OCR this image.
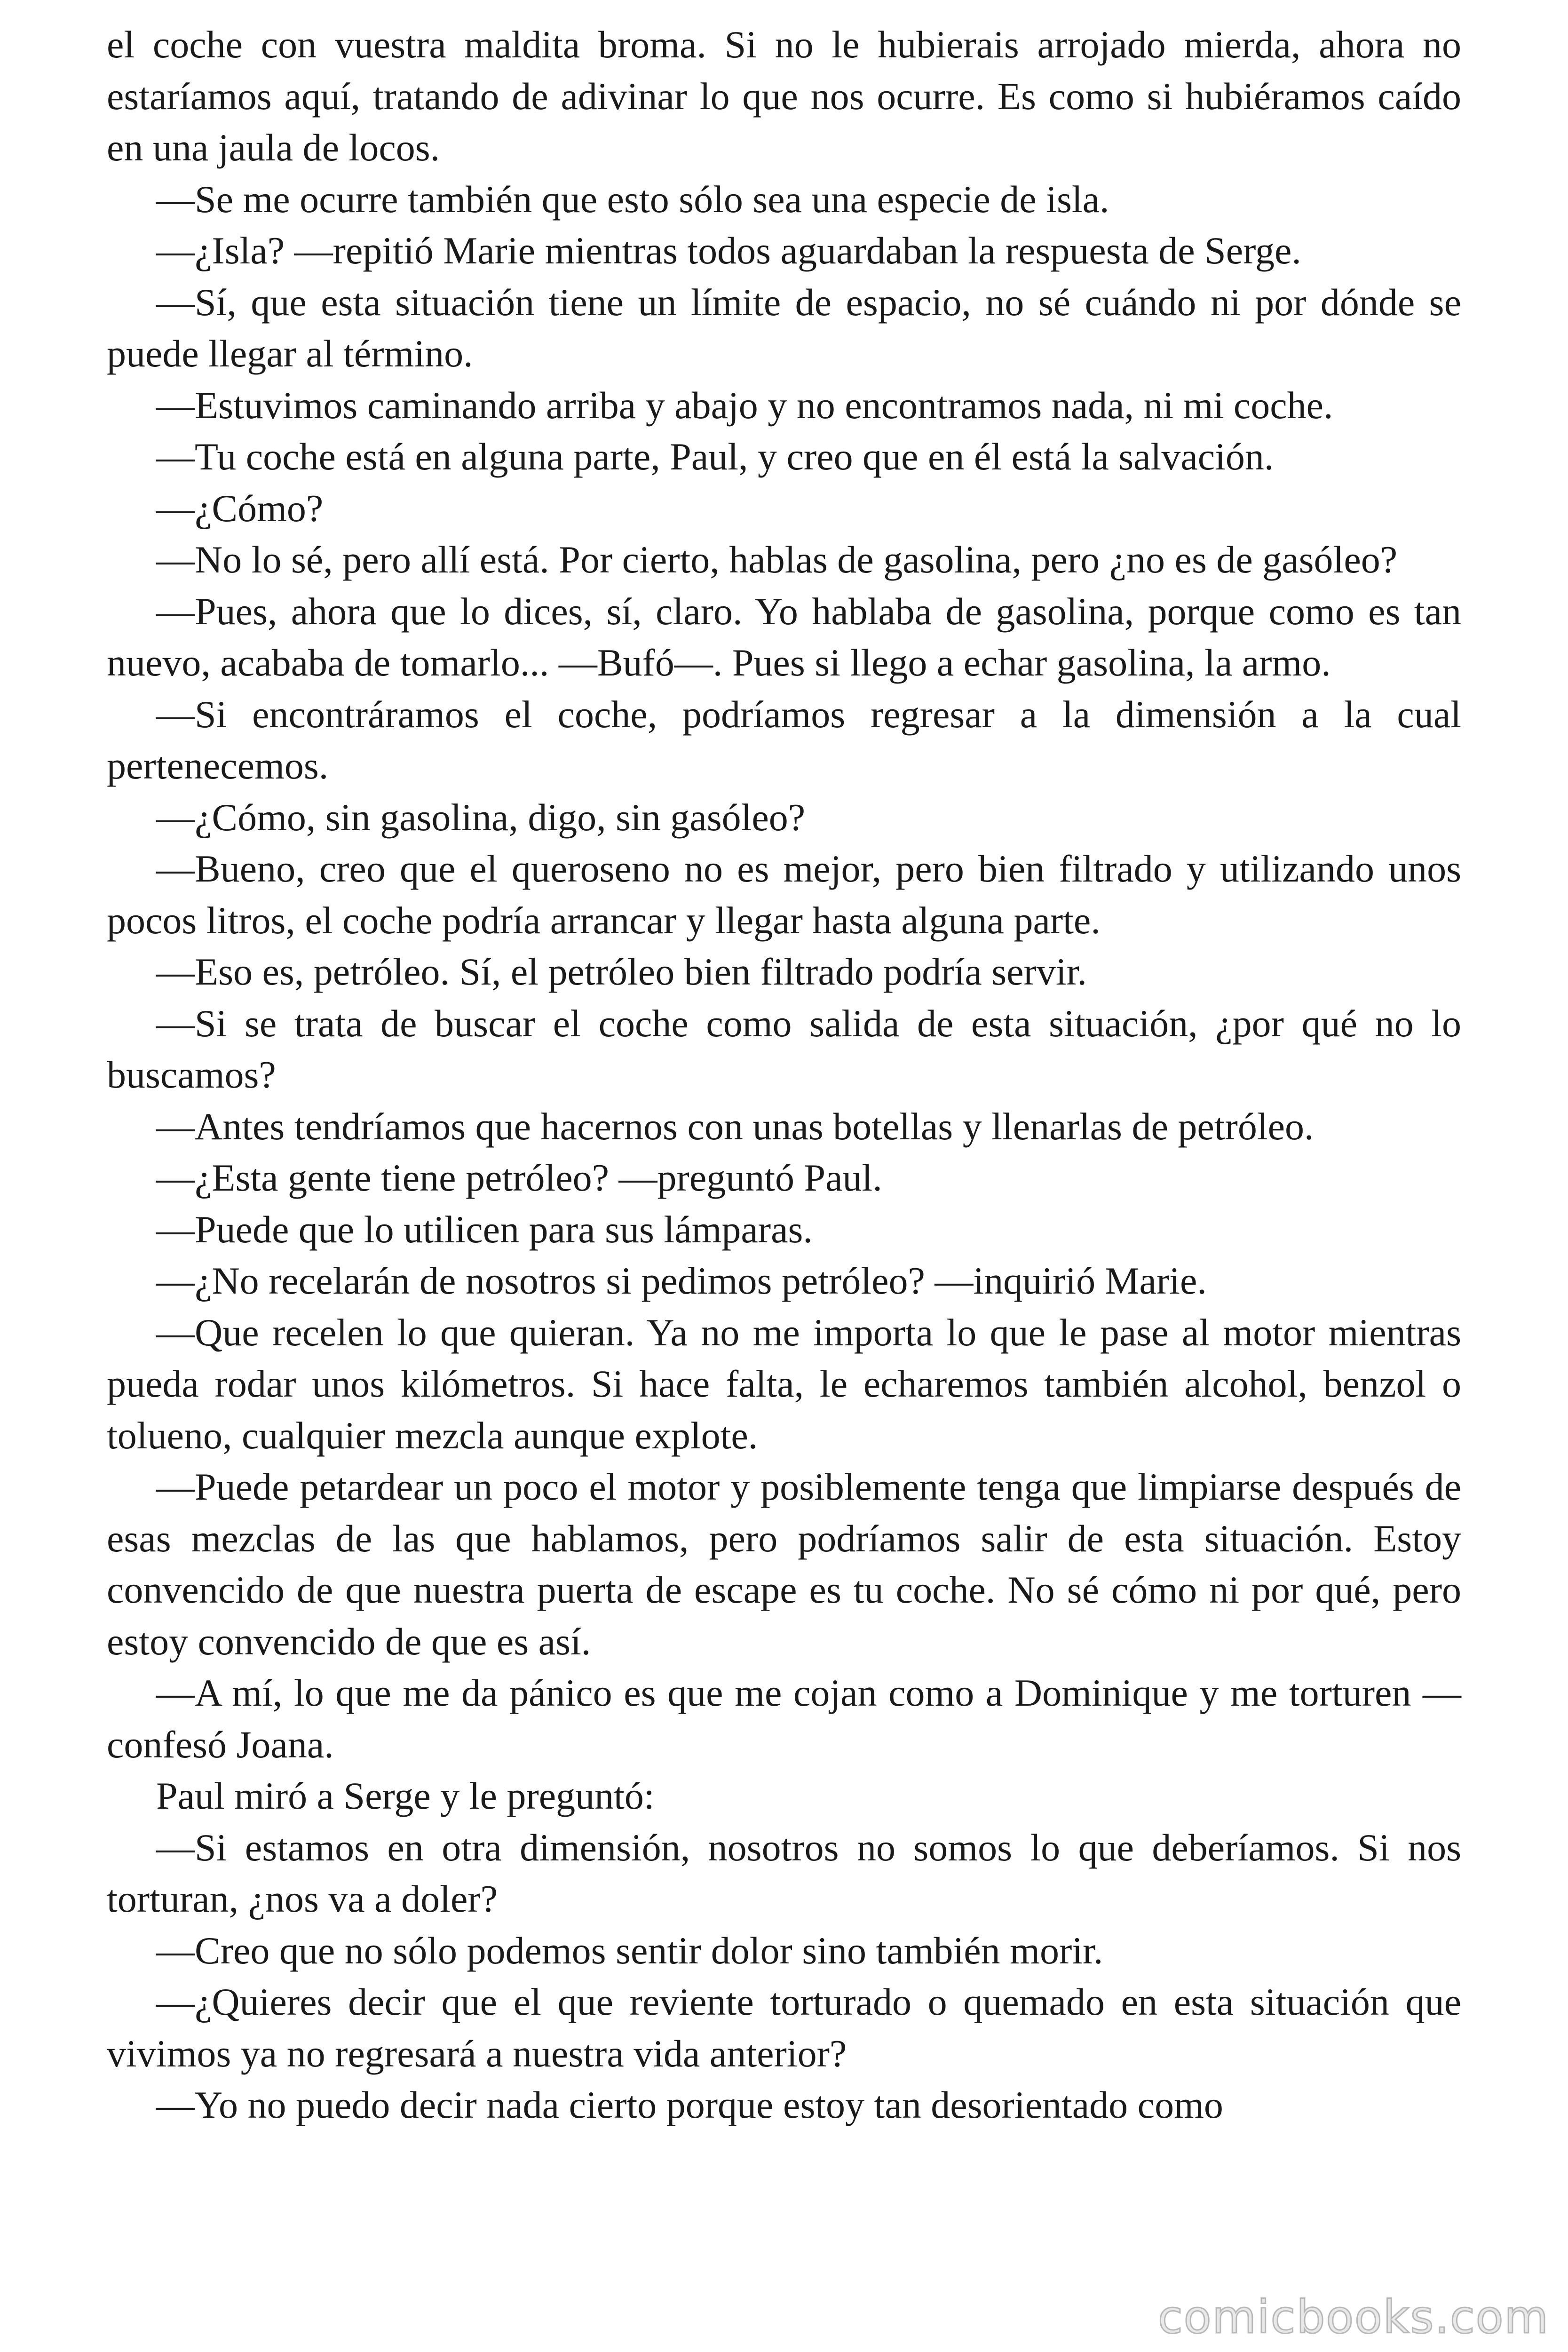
el coche con vuestra maldita broma. Si no le hubierais arrojado mierda, ahora no estaríamos aquí, tratando de adivinar lo que nos ocurre. Es como si hubiéramos caído en una jaula de locos.

—Se me ocurre también que esto sólo sea una especie de isla.

—¿Isla? —repitió Marie mientras todos aguardaban la respuesta de Serge.

—Sí, que esta situación tiene un límite de espacio, no sé cuándo ni por dónde se puede llegar al término.

—Estuvimos caminando arriba y abajo y no encontramos nada, ni mi coche.

—Tu coche está en alguna parte, Paul, y creo que en él está la salvación.

—¿Cómo?

—No lo sé, pero allí está. Por cierto, hablas de gasolina, pero ¿no es de gasóleo?

—Pues, ahora que lo dices, sí, claro. Yo hablaba de gasolina, porque como es tan nuevo, acababa de tomarlo... —Bufó—. Pues si llego a echar gasolina, la armo.

—Si encontráramos el coche, podríamos regresar a la dimensión a la cual pertenecemos.

—¿Cómo, sin gasolina, digo, sin gasóleo?

—Bueno, creo que el queroseno no es mejor, pero bien filtrado y utilizando unos pocos litros, el coche podría arrancar y llegar hasta alguna parte.

—Eso es, petróleo. Sí, el petróleo bien filtrado podría servir.

—Si se trata de buscar el coche como salida de esta situación, ¿por qué no lo buscamos?

—Antes tendríamos que hacernos con unas botellas y llenarlas de petróleo.

—¿Esta gente tiene petróleo? —preguntó Paul.

—Puede que lo utilicen para sus lámparas.

—¿No recelarán de nosotros si pedimos petróleo? —inquirió Marie.

—Que recelen lo que quieran. Ya no me importa lo que le pase al motor mientras pueda rodar unos kilómetros. Si hace falta, le echaremos también alcohol, benzol o tolueno, cualquier mezcla aunque explote.

—Puede petardear un poco el motor y posiblemente tenga que limpiarse después de esas mezclas de las que hablamos, pero podríamos salir de esta situación. Estoy convencido de que nuestra puerta de escape es tu coche. No sé cómo ni por qué, pero estoy convencido de que es así.

—A mí, lo que me da pánico es que me cojan como a Dominique y me torturen —confesó Joana.

Paul miró a Serge y le preguntó:

—Si estamos en otra dimensión, nosotros no somos lo que deberíamos. Si nos torturan, ¿nos va a doler?

—Creo que no sólo podemos sentir dolor sino también morir.

—¿Quieres decir que el que reviente torturado o quemado en esta situación que vivimos ya no regresará a nuestra vida anterior?

—Yo no puedo decir nada cierto porque estoy tan desorientado como

comicbooks.com
